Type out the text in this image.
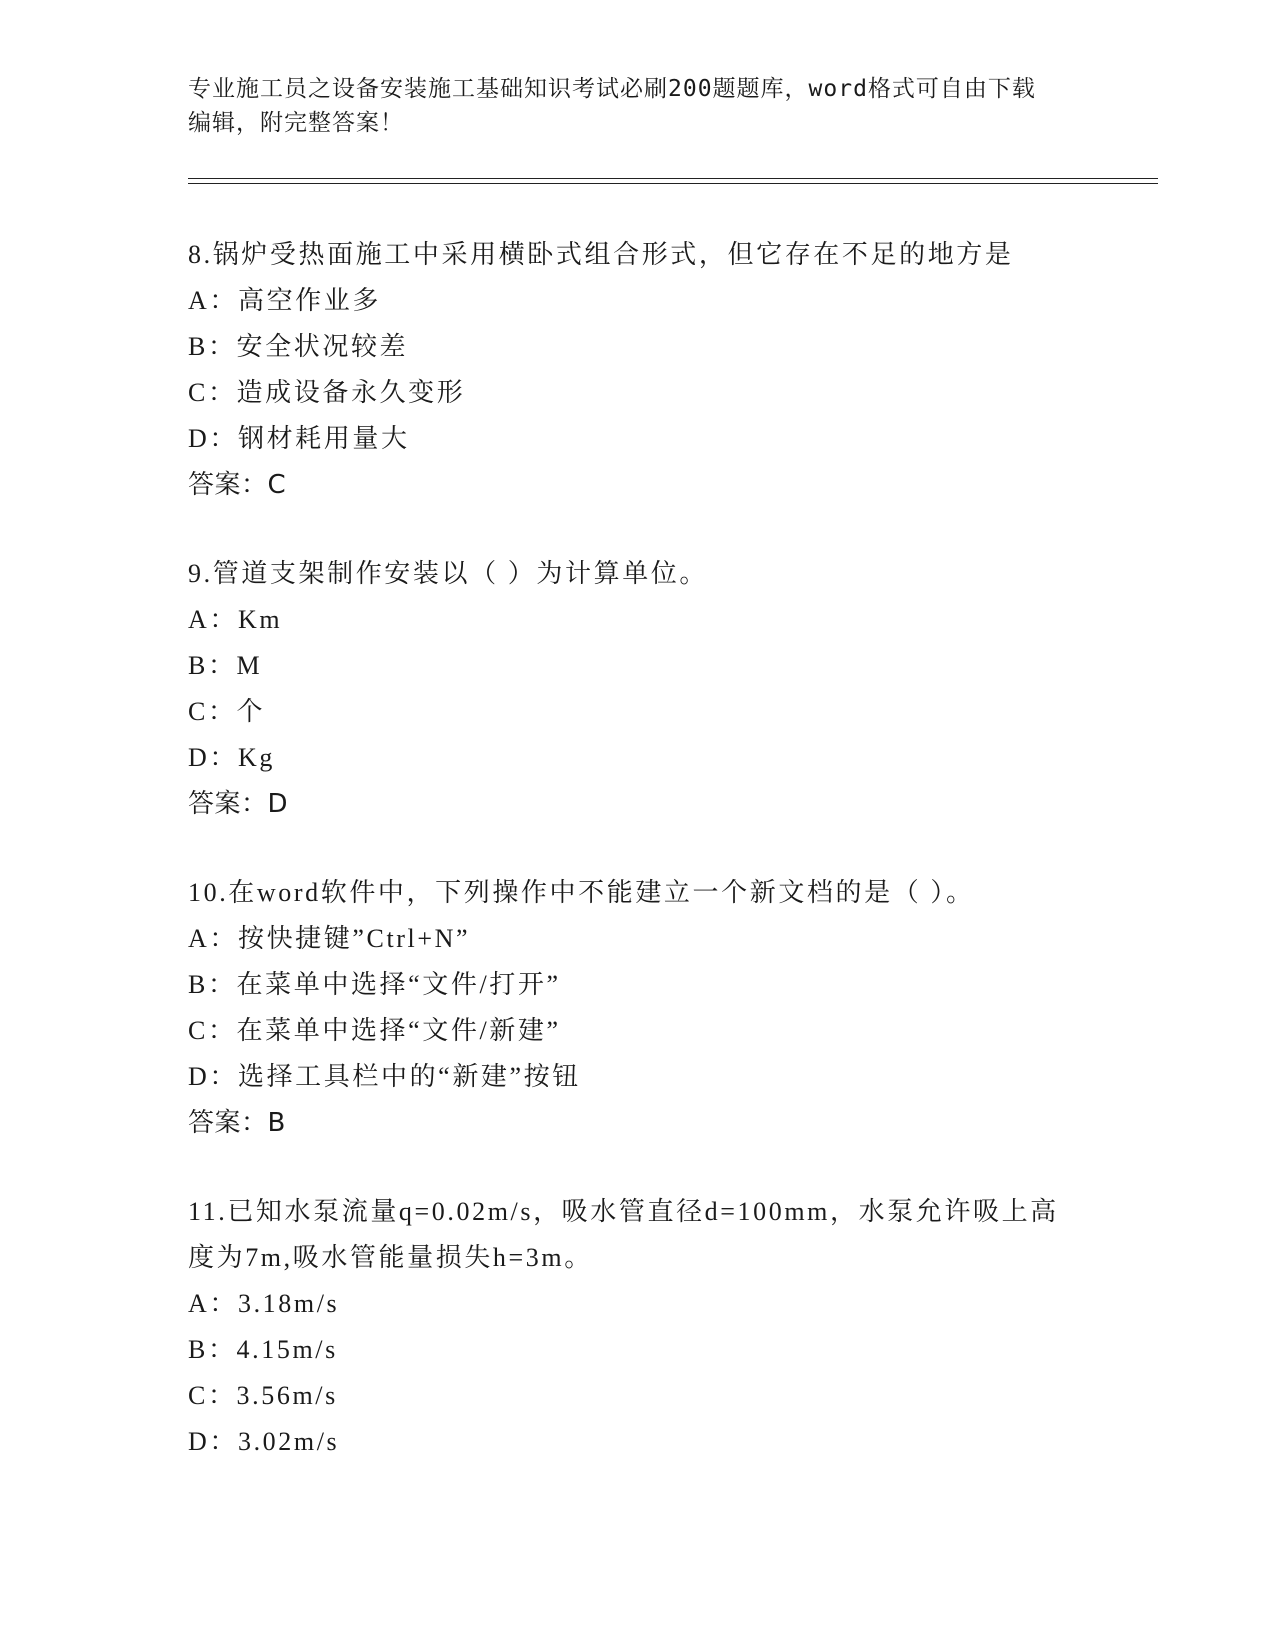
专业施工员之设备安装施工基础知识考试必刷200题题库，word格式可自由下载
编辑，附完整答案！
8.锅炉受热面施工中采用横卧式组合形式，但它存在不足的地方是
A：高空作业多
B：安全状况较差
C：造成设备永久变形
D：钢材耗用量大
答案：C
9.管道支架制作安装以（ ）为计算单位。
A：Km
B：M
C：个
D：Kg
答案：D
10.在word软件中，下列操作中不能建立一个新文档的是（ ）。
A：按快捷键”Ctrl+N”
B：在菜单中选择“文件/打开”
C：在菜单中选择“文件/新建”
D：选择工具栏中的“新建”按钮
答案：B
11.已知水泵流量q=0.02m/s，吸水管直径d=100mm，水泵允许吸上高度为7m,吸水管能量损失h=3m。
A：3.18m/s
B：4.15m/s
C：3.56m/s
D：3.02m/s
